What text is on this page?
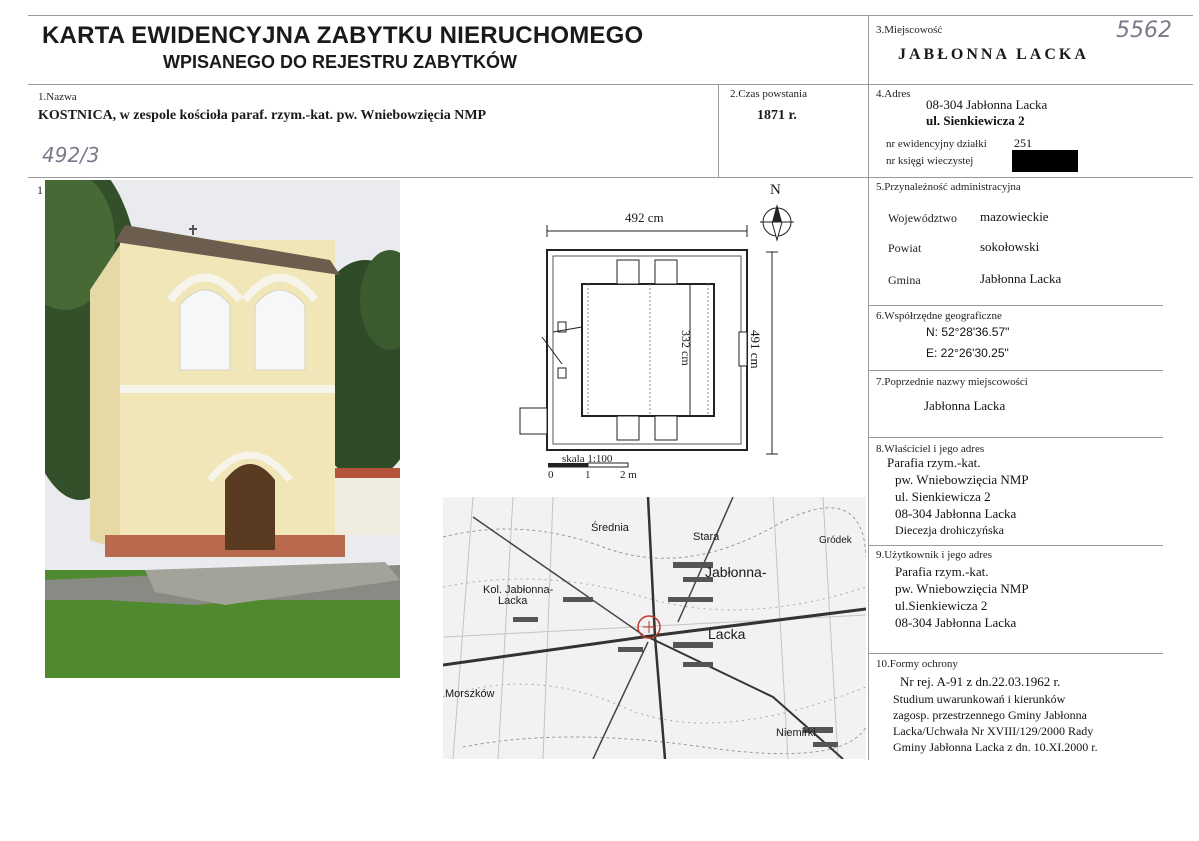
KARTA EWIDENCYJNA ZABYTKU NIERUCHOMEGO
WPISANEGO DO REJESTRU ZABYTKÓW
3.Miejscowość
JABŁONNA LACKA
5562
1.Nazwa
KOSTNICA, w zespole kościoła paraf. rzym.-kat. pw. Wniebowzięcia NMP
492/3
2.Czas powstania
1871 r.
4.Adres
08-304 Jabłonna Lacka
ul. Sienkiewicza 2
nr ewidencyjny działki 251
nr księgi wieczystej
1	N
492 cm
491 cm
332 cm
skala 1:100
0	1	2 m
Średnia
Stara
Jabłonna-
Lacka
Kol. Jabłonna-
Lacka
Morszków
Niemirki
Gródek
5.Przynależność administracyjna
Województwo mazowieckie
Powiat	sokołowski
Gmina	Jabłonna Lacka
6.Współrzędne geograficzne
N: 52°28'36.57"
E: 22°26'30.25"
7.Poprzednie nazwy miejscowości
Jabłonna Lacka
8.Właściciel i jego adres
Parafia rzym.-kat.
pw. Wniebowzięcia NMP
ul. Sienkiewicza 2
08-304 Jabłonna Lacka
Diecezja drohiczyńska
9.Użytkownik i jego adres
Parafia rzym.-kat.
pw. Wniebowzięcia NMP
ul.Sienkiewicza 2
08-304 Jabłonna Lacka
10.Formy ochrony
Nr rej. A-91 z dn.22.03.1962 r.
Studium uwarunkowań i kierunków
zagosp. przestrzennego Gminy Jabłonna
Lacka/Uchwała Nr XVIII/129/2000 Rady
Gminy Jabłonna Lacka z dn. 10.XI.2000 r.
